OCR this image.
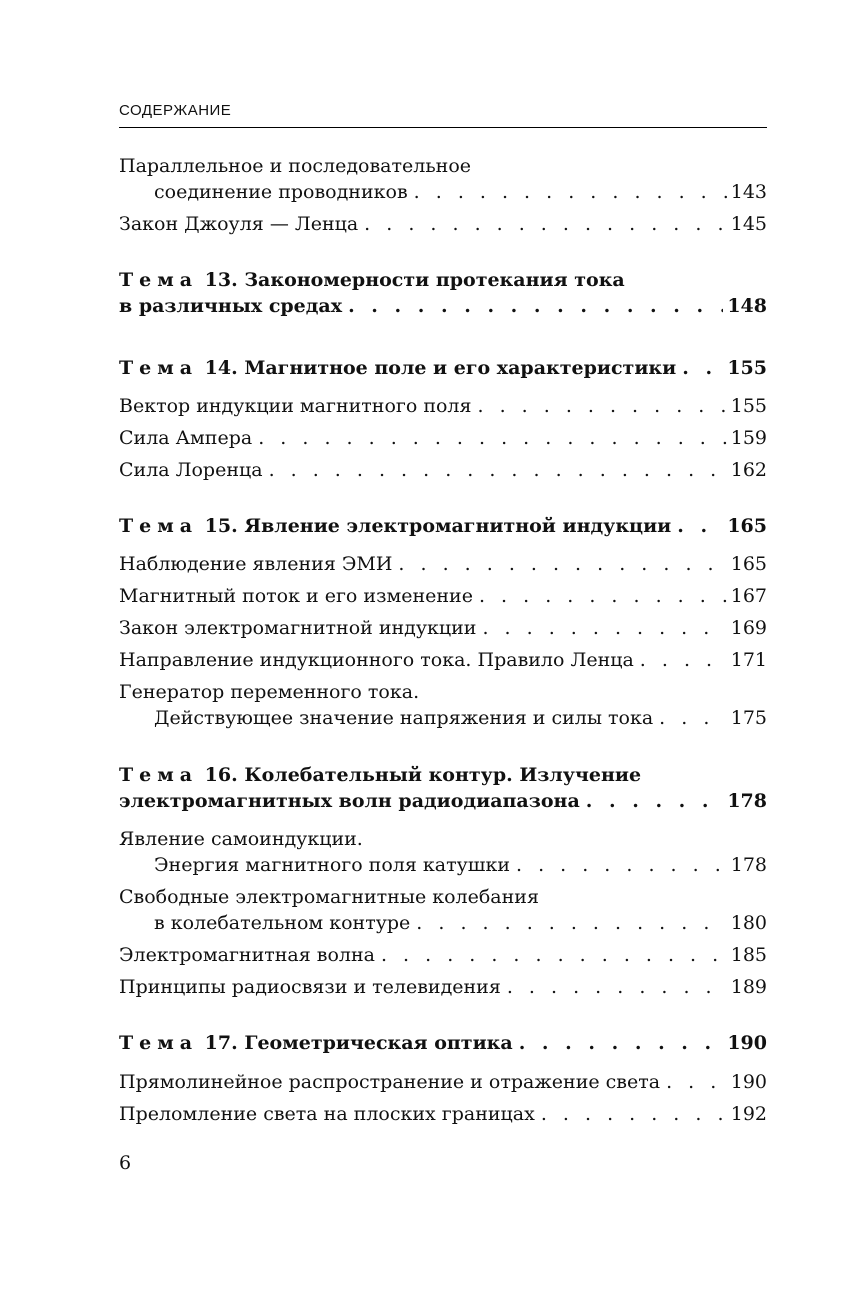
СОДЕРЖАНИЕ
Параллельное и последовательное
соединение проводников . . .	143
Закон Джоуля — Ленца . . .	145
Тема 13. Закономерности протекания тока
в различных средах . . .	148
Тема 14. Магнитное поле и его характеристики . . .	155
Вектор индукции магнитного поля . . .	155
Сила Ампера . . .	159
Сила Лоренца . . .	162
Тема 15. Явление электромагнитной индукции . . .	165
Наблюдение явления ЭМИ . . .	165
Магнитный поток и его изменение . . .	167
Закон электромагнитной индукции . . .	169
Направление индукционного тока. Правило Ленца . . .	171
Генератор переменного тока.
Действующее значение напряжения и силы тока . . .	175
Тема 16. Колебательный контур. Излучение
электромагнитных волн радиодиапазона . . .	178
Явление самоиндукции.
Энергия магнитного поля катушки . . .	178
Свободные электромагнитные колебания
в колебательном контуре . . .	180
Электромагнитная волна . . .	185
Принципы радиосвязи и телевидения . . .	189
Тема 17. Геометрическая оптика . . .	190
Прямолинейное распространение и отражение света . . .	190
Преломление света на плоских границах . . .	192
6
